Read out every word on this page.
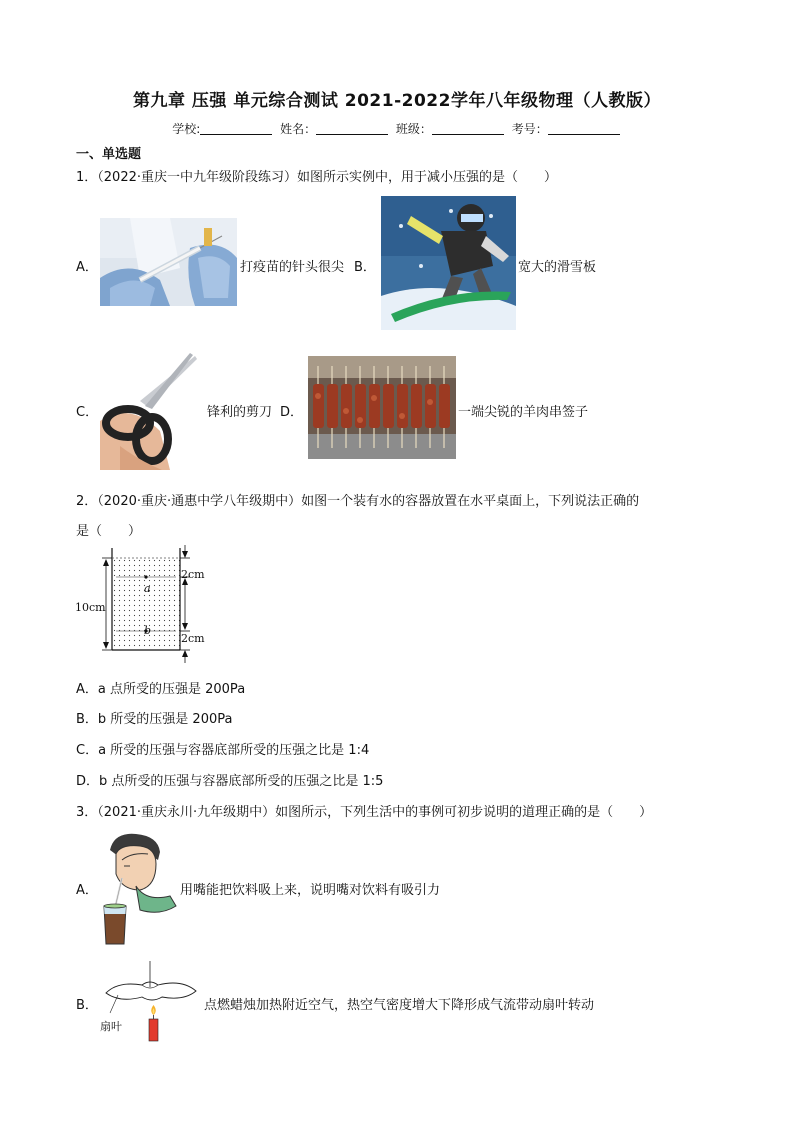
第九章 压强 单元综合测试 2021-2022学年八年级物理（人教版）
学校:	姓名：	班级：	考号：
一、单选题
1．（2022·重庆一中九年级阶段练习）如图所示实例中，用于减小压强的是（　　）
A．	打疫苗的针头很尖 B．	宽大的滑雪板
C．	锋利的剪刀 D．	一端尖锐的羊肉串签子
2．（2020·重庆·通惠中学八年级期中）如图一个装有水的容器放置在水平桌面上，下列说法正确的
是（　　）
10cm
2cm
2cm
a
b
A．a 点所受的压强是 200Pa
B．b 所受的压强是 200Pa
C．a 所受的压强与容器底部所受的压强之比是 1:4
D．b 点所受的压强与容器底部所受的压强之比是 1:5
3．（2021·重庆永川·九年级期中）如图所示，下列生活中的事例可初步说明的道理正确的是（　　）
A．	用嘴能把饮料吸上来，说明嘴对饮料有吸引力
B．
扇叶
点燃蜡烛加热附近空气，热空气密度增大下降形成气流带动扇叶转动
